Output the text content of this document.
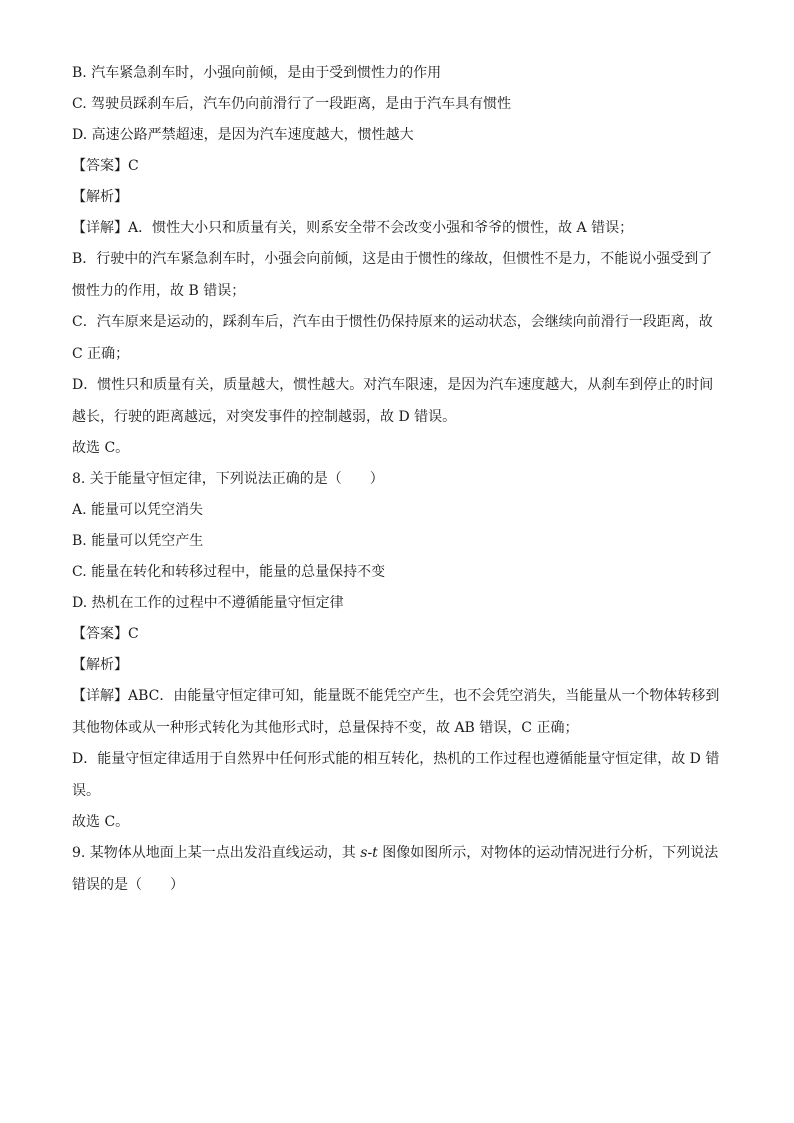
B. 汽车紧急刹车时，小强向前倾，是由于受到惯性力的作用

C. 驾驶员踩刹车后，汽车仍向前滑行了一段距离，是由于汽车具有惯性

D. 高速公路严禁超速，是因为汽车速度越大，惯性越大

【答案】C

【解析】

【详解】A．惯性大小只和质量有关，则系安全带不会改变小强和爷爷的惯性，故 A 错误；

B．行驶中的汽车紧急刹车时，小强会向前倾，这是由于惯性的缘故，但惯性不是力，不能说小强受到了

惯性力的作用，故 B 错误；

C．汽车原来是运动的，踩刹车后，汽车由于惯性仍保持原来的运动状态，会继续向前滑行一段距离，故

C 正确；

D．惯性只和质量有关，质量越大，惯性越大。对汽车限速，是因为汽车速度越大，从刹车到停止的时间

越长，行驶的距离越远，对突发事件的控制越弱，故 D 错误。

故选 C。

8. 关于能量守恒定律，下列说法正确的是（　　）

A. 能量可以凭空消失

B. 能量可以凭空产生

C. 能量在转化和转移过程中，能量的总量保持不变

D. 热机在工作的过程中不遵循能量守恒定律

【答案】C

【解析】

【详解】ABC．由能量守恒定律可知，能量既不能凭空产生，也不会凭空消失，当能量从一个物体转移到

其他物体或从一种形式转化为其他形式时，总量保持不变，故 AB 错误，C 正确；

D．能量守恒定律适用于自然界中任何形式能的相互转化，热机的工作过程也遵循能量守恒定律，故 D 错

误。

故选 C。

9. 某物体从地面上某一点出发沿直线运动，其 s-t 图像如图所示，对物体的运动情况进行分析，下列说法

错误的是（　　）
